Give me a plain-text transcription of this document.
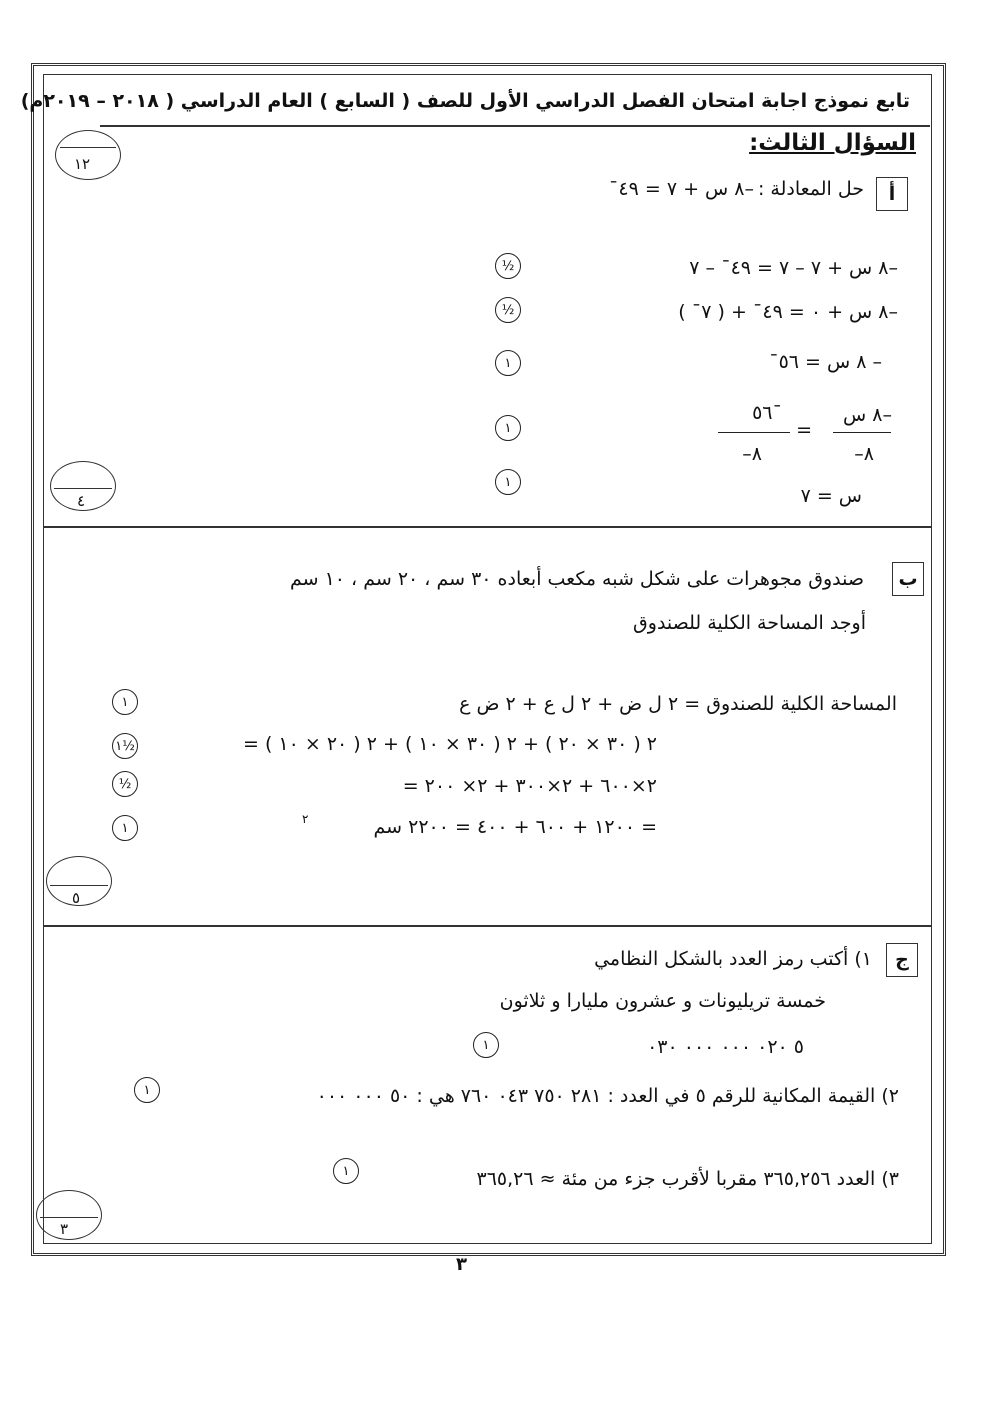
تابع نموذج اجابة امتحان الفصل الدراسي الأول للصف ( السابع ) العام الدراسي ( ٢٠١٨ – ٢٠١٩م)
السؤال الثالث:
١٢
أ
حل المعادلة :
–٨ س + ٧ = ٤٩¯
–٨ س + ٧ – ٧ = ٤٩¯ – ٧
½
–٨ س + ٠ = ٤٩¯ + ( ٧¯ )
½
– ٨ س = ٥٦¯
١
–٨ س
–٨
=
٥٦¯
–٨
١
س = ٧
١
٤
ب
صندوق مجوهرات على شكل شبه مكعب أبعاده ٣٠ سم ، ٢٠ سم ، ١٠ سم
أوجد المساحة الكلية للصندوق
المساحة الكلية للصندوق = ٢ ل ض + ٢ ل ع + ٢ ض ع
١
= ٢ ( ٣٠ × ٢٠ ) + ٢ ( ٣٠ × ١٠ ) + ٢ ( ٢٠ × ١٠ )
١½
= ٢×٦٠٠ + ٢×٣٠٠ + ٢× ٢٠٠
½
= ١٢٠٠ + ٦٠٠ + ٤٠٠ = ٢٢٠٠ سم
٢
١
٥
ج
١) أكتب رمز العدد بالشكل النظامي
خمسة تريليونات و عشرون مليارا و ثلاثون
٥ ٠٢٠ ٠٠٠ ٠٠٠ ٠٣٠
١
٢) القيمة المكانية للرقم ٥ في العدد : ٢٨١ ٧٥٠ ٠٤٣ ٧٦٠ هي : ٥٠ ٠٠٠ ٠٠٠
١
٣) العدد ٣٦٥,٢٥٦ مقربا لأقرب جزء من مئة ≈ ٣٦٥,٢٦
١
٣
٣
